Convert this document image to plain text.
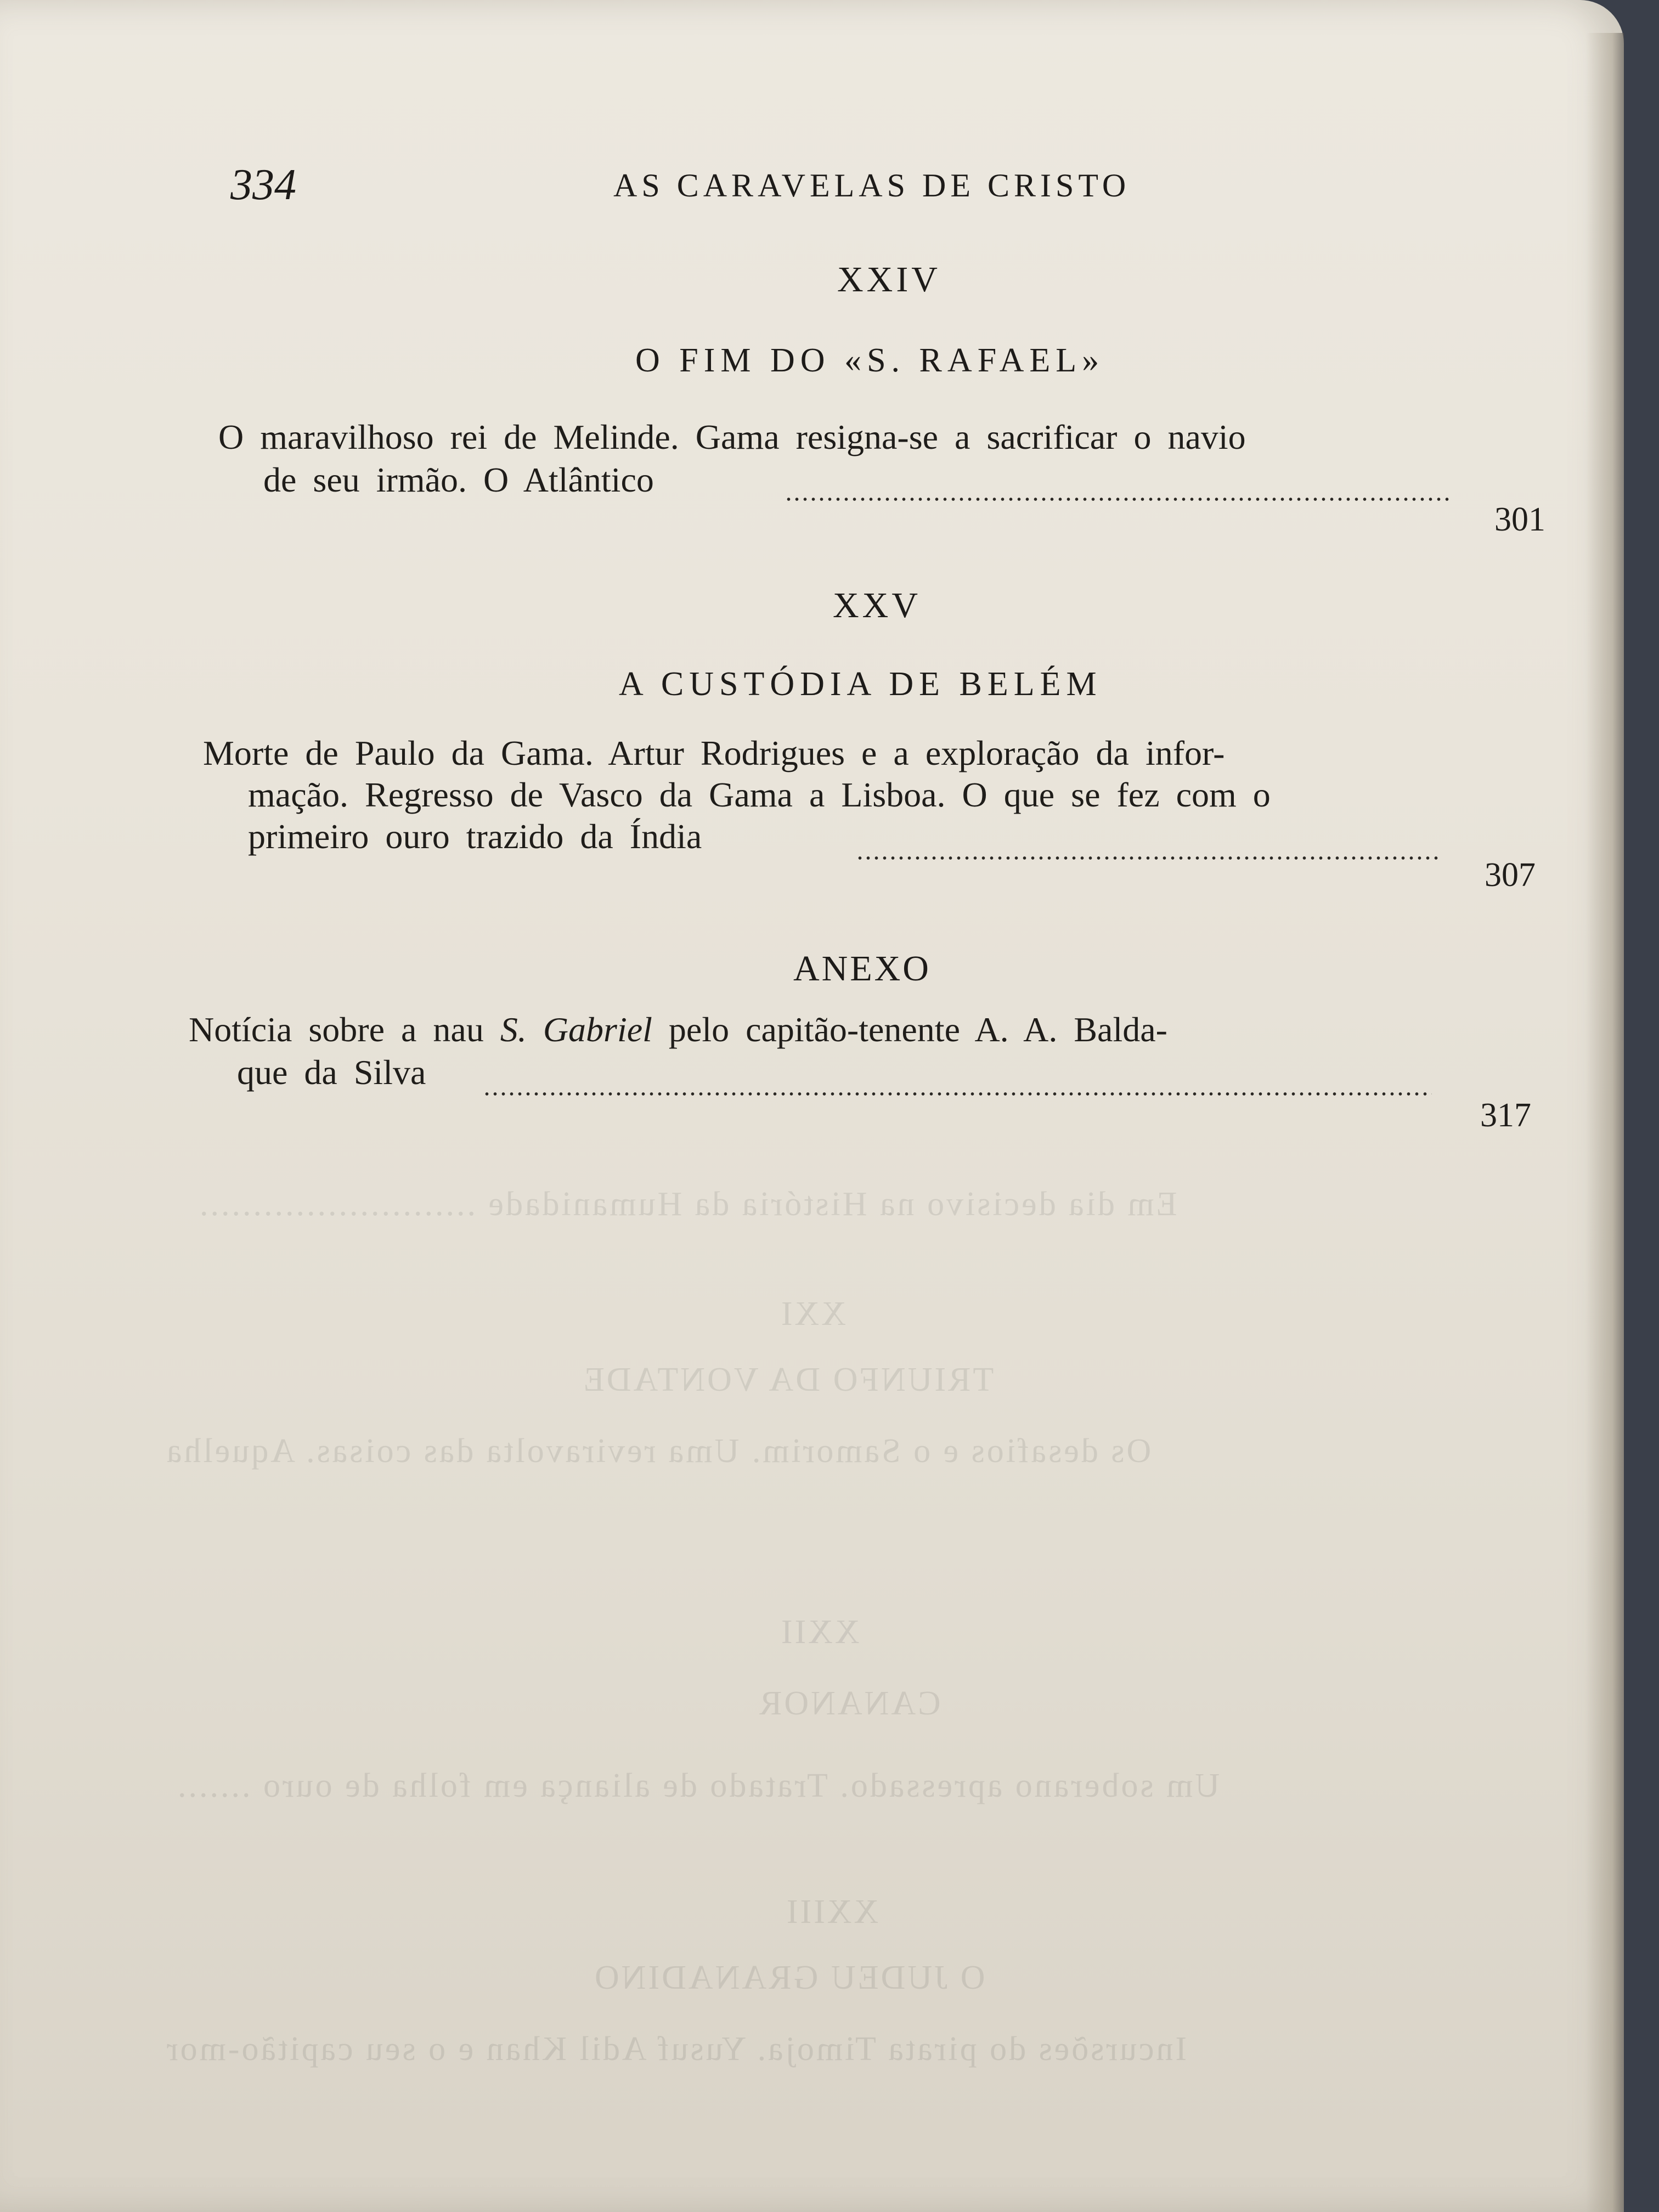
Em dia decisivo na História da Humanidade ..........................
XXI
TRIUNFO DA VONTADE
Os desafios e o Samorim. Uma reviravolta das coisas. Aquelha
XXII
CANANOR
Um soberano apressado. Tratado de aliança em folha de ouro .......
XXIII
O JUDEU GRANADINO
Incursões do pirata Timoja. Yusuf Adil Khan e o seu capitão-mor
334	AS CARAVELAS DE CRISTO
XXIV
O FIM DO «S. RAFAEL»
O maravilhoso rei de Melinde. Gama resigna-se a sacrificar o navio
de seu irmão. O Atlântico
301
XXV
A CUSTÓDIA DE BELÉM
Morte de Paulo da Gama. Artur Rodrigues e a exploração da infor-
mação. Regresso de Vasco da Gama a Lisboa. O que se fez com o
primeiro ouro trazido da Índia
307
ANEXO
Notícia sobre a nau S. Gabriel pelo capitão-tenente A. A. Balda-
que da Silva
317
